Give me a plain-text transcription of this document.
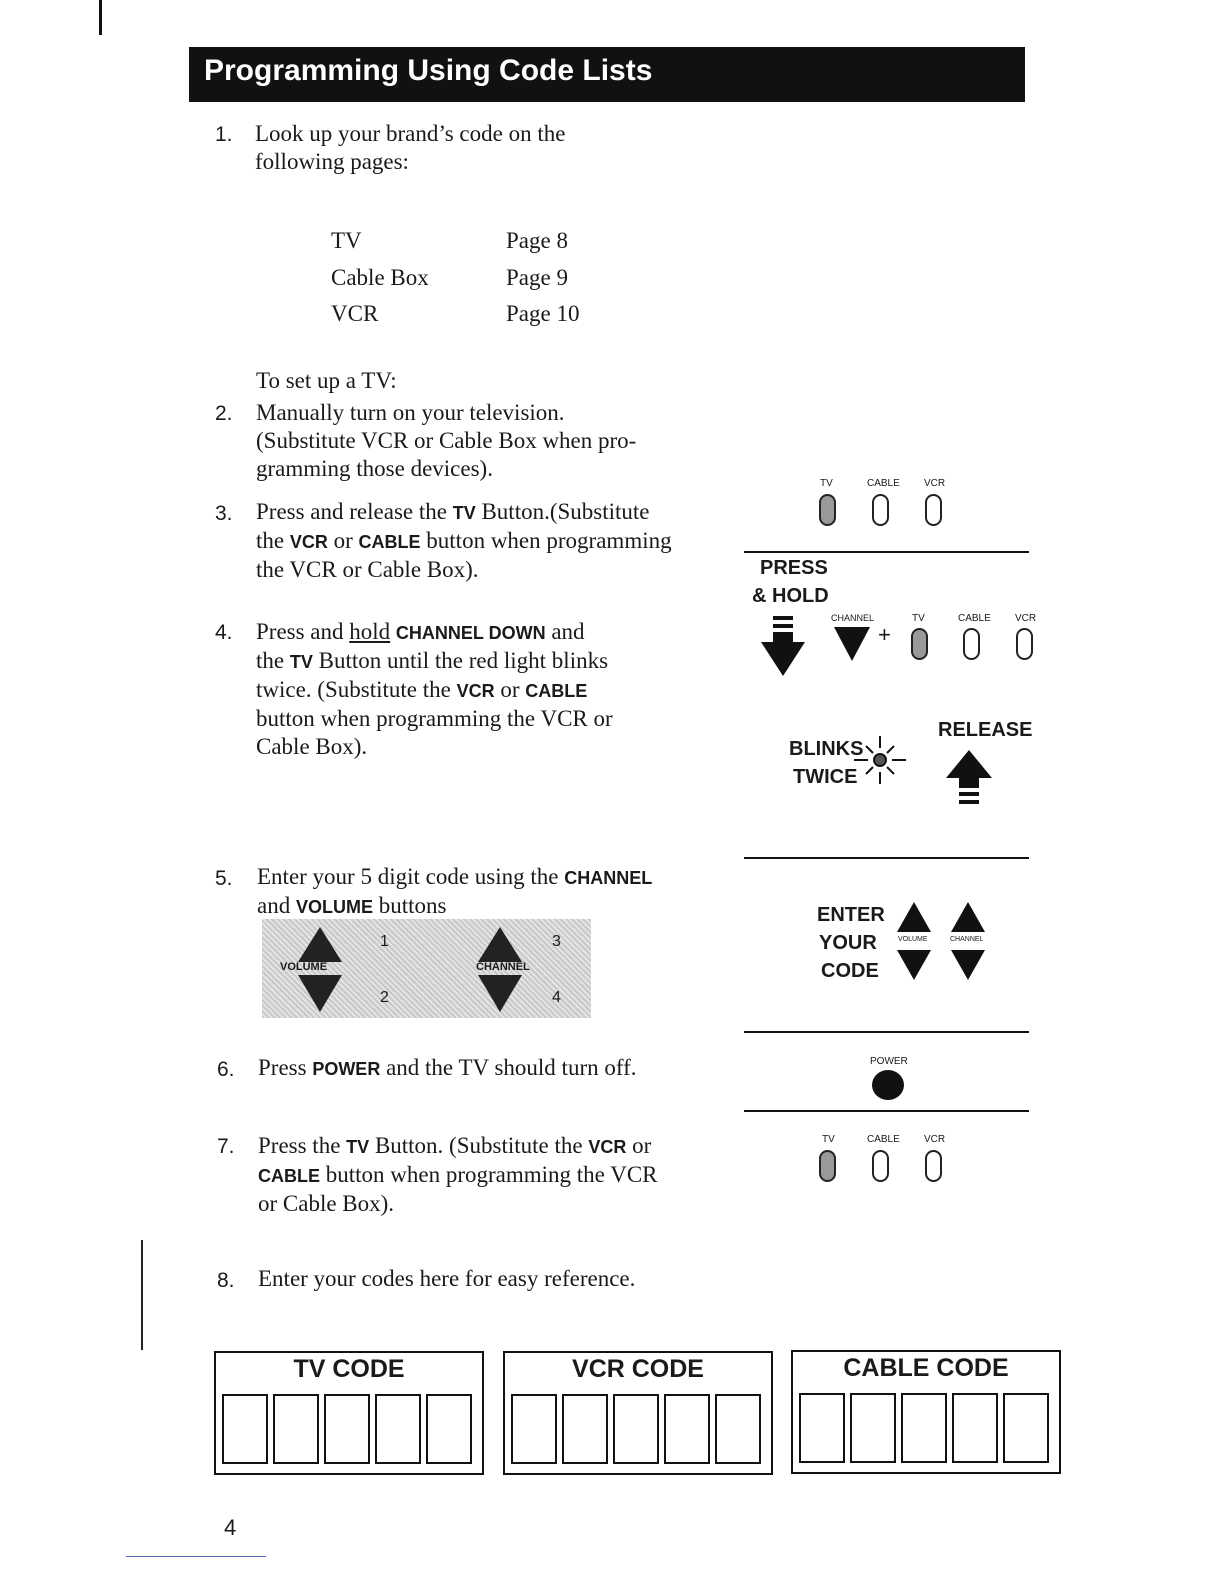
Programming Using Code Lists
1. Look up your brand’s code on the
following pages:
TV	Page 8
Cable Box	Page 9
VCR	Page 10
To set up a TV:
2. Manually turn on your television.
(Substitute VCR or Cable Box when pro-
gramming those devices).
3. Press and release the TV Button.(Substitute
the VCR or CABLE button when programming
the VCR or Cable Box).
4. Press and hold CHANNEL DOWN and
the TV Button until the red light blinks
twice. (Substitute the VCR or CABLE
button when programming the VCR or
Cable Box).
5. Enter your 5 digit code using the CHANNEL
and VOLUME buttons
VOLUME	CHANNEL
1
2
3
4
6. Press POWER and the TV should turn off.
7. Press the TV Button. (Substitute the VCR or
CABLE button when programming the VCR
or Cable Box).
8. Enter your codes here for easy reference.
TV	CABLE VCR
PRESS
& HOLD
CHANNEL
+
TV	CABLE VCR
RELEASE
BLINKS
TWICE
ENTER
YOUR
CODE
VOLUME	CHANNEL
POWER
TV	CABLE VCR
TV CODE	VCR CODE	CABLE CODE
4
